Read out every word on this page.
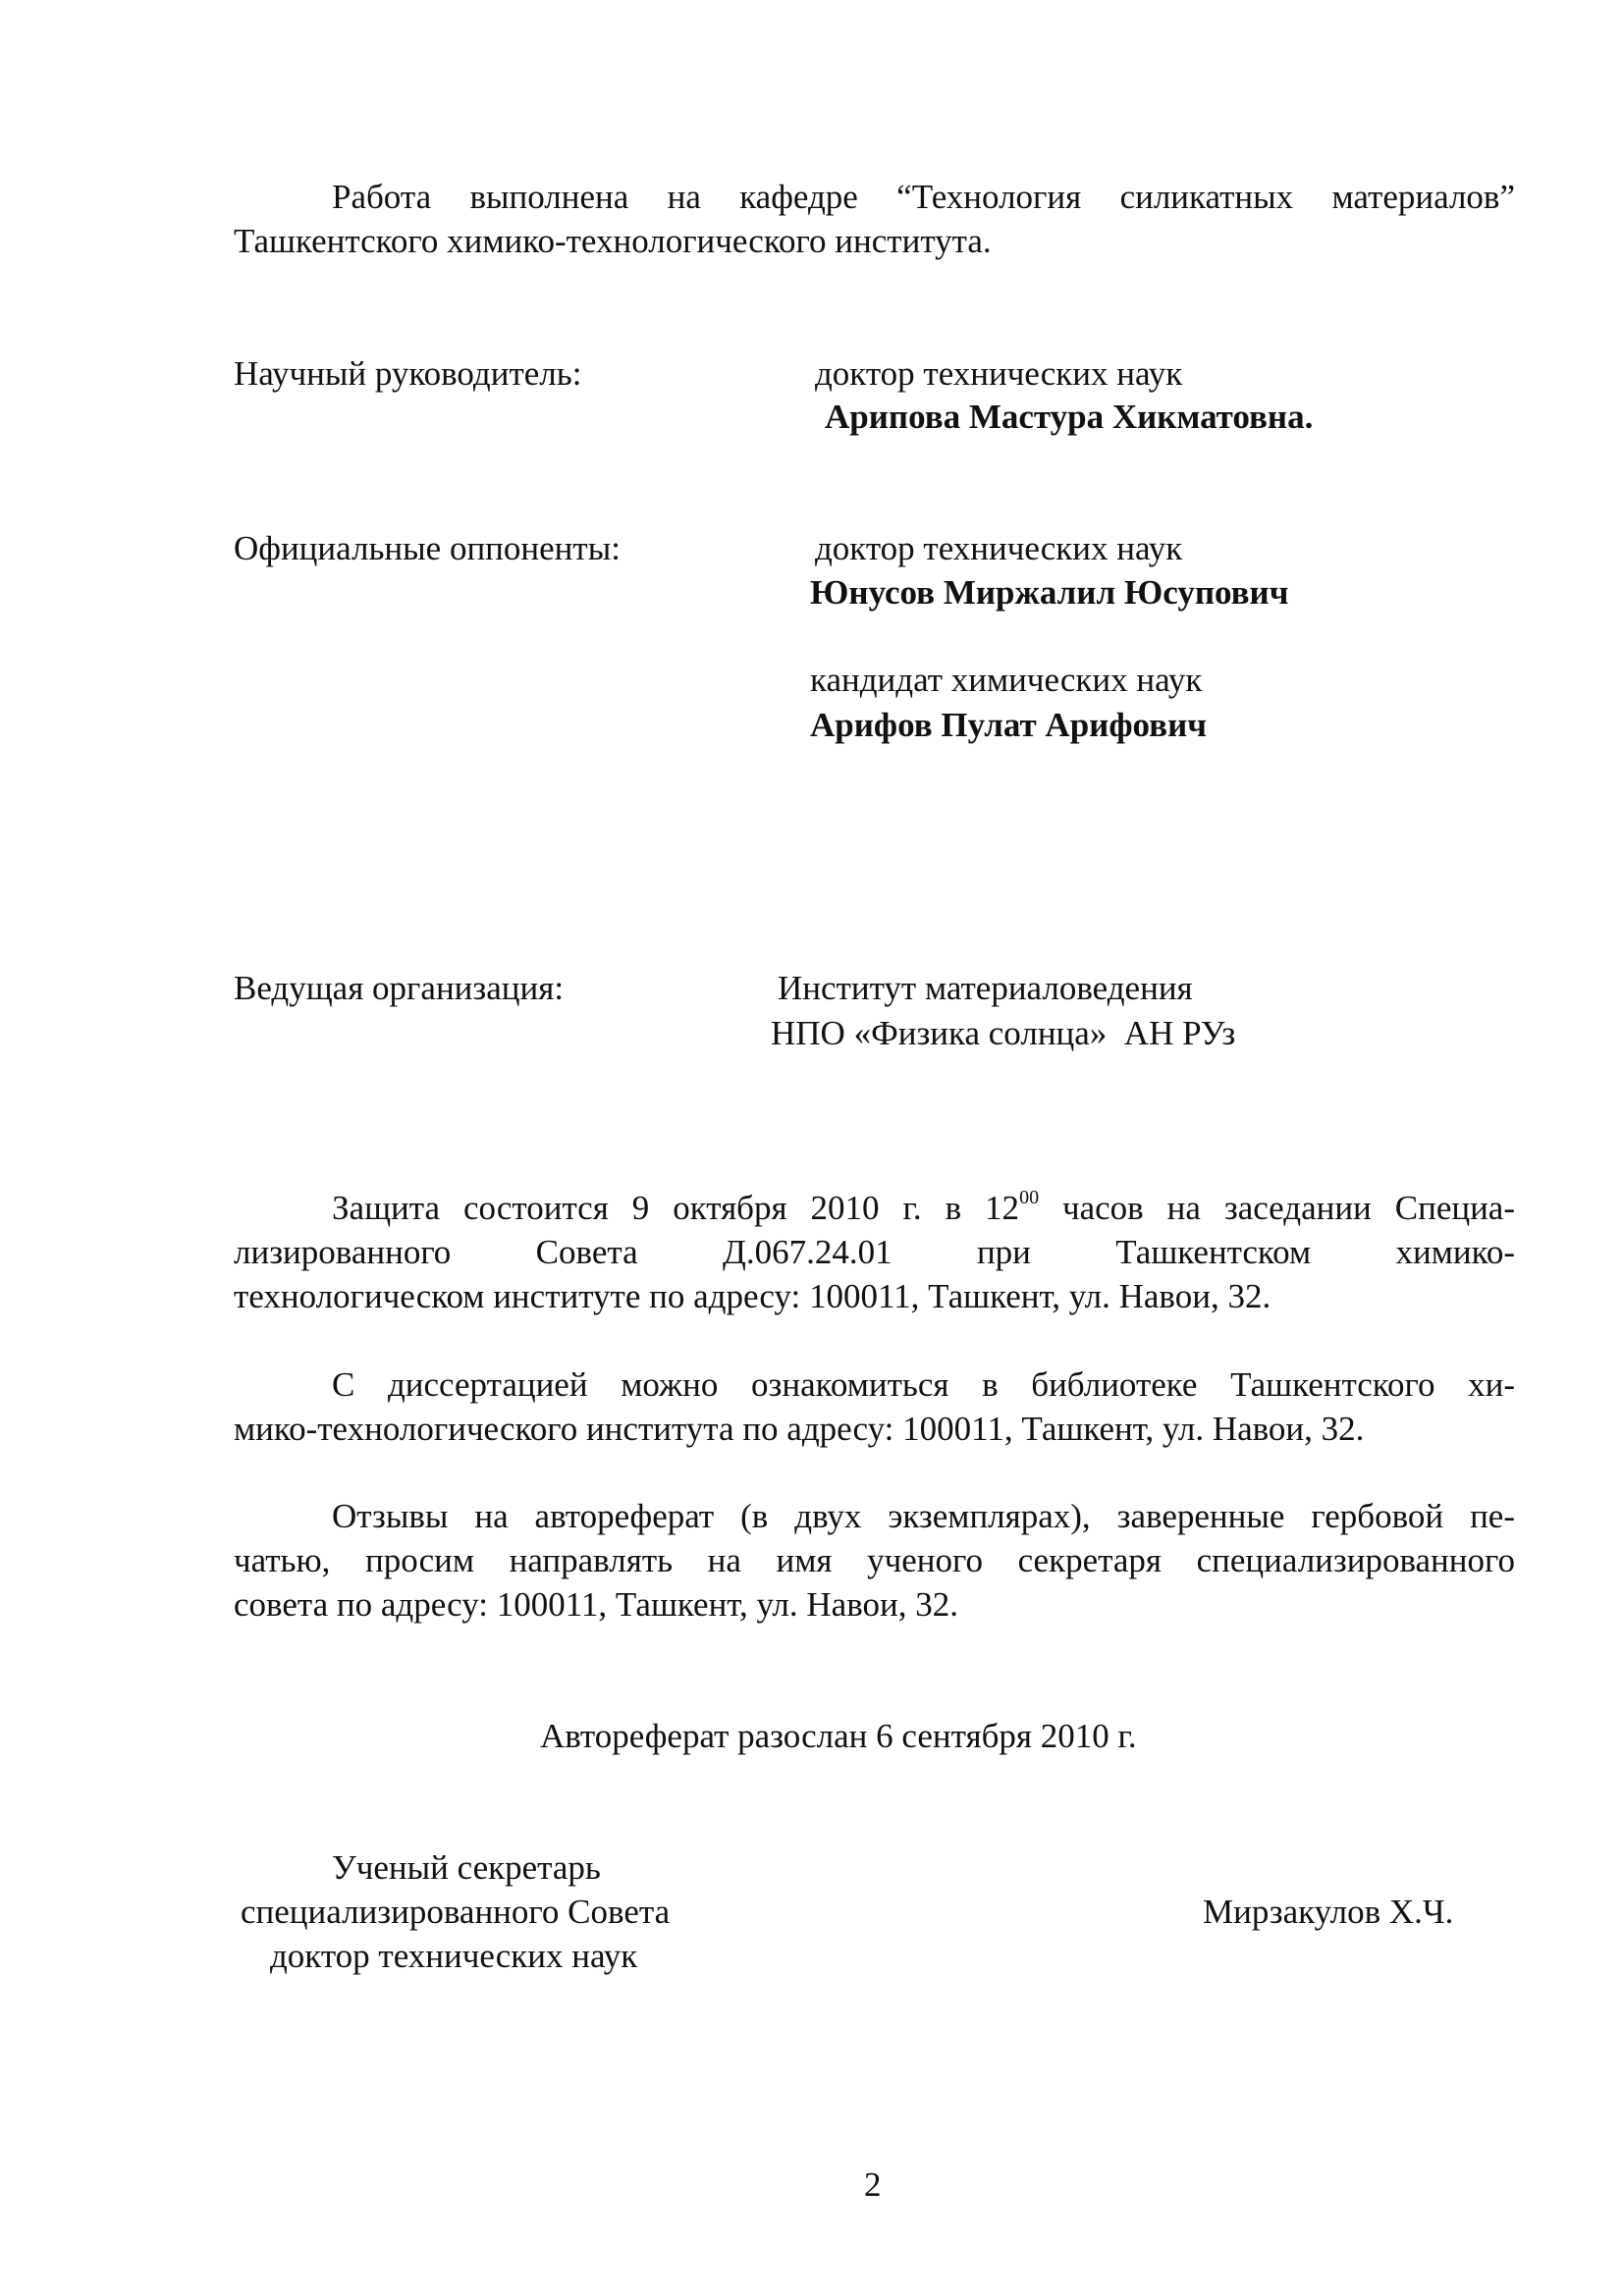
Работа выполнена на кафедре “Технология силикатных материалов”
Ташкентского химико-технологического института.
Научный руководитель:	доктор технических наук
Арипова Мастура Хикматовна.
Официальные оппоненты:	доктор технических наук
Юнусов Миржалил Юсупович
кандидат химических наук
Арифов Пулат Арифович
Ведущая организация:	Институт материаловедения
НПО «Физика солнца»  АН РУз
Защита состоится 9 октября 2010 г. в $12^{00}$ часов на заседании Специа-
лизированного Совета Д.067.24.01 при Ташкентском химико-
технологическом институте по адресу: 100011, Ташкент, ул. Навои, 32.
С диссертацией можно ознакомиться в библиотеке Ташкентского хи-
мико-технологического института по адресу: 100011, Ташкент, ул. Навои, 32.
Отзывы на автореферат (в двух экземплярах), заверенные гербовой пе-
чатью, просим направлять на имя ученого секретаря специализированного
совета по адресу: 100011, Ташкент, ул. Навои, 32.
Автореферат разослан 6 сентября 2010 г.
Ученый секретарь
специализированного Совета
доктор технических наук
Мирзакулов Х.Ч.
2
